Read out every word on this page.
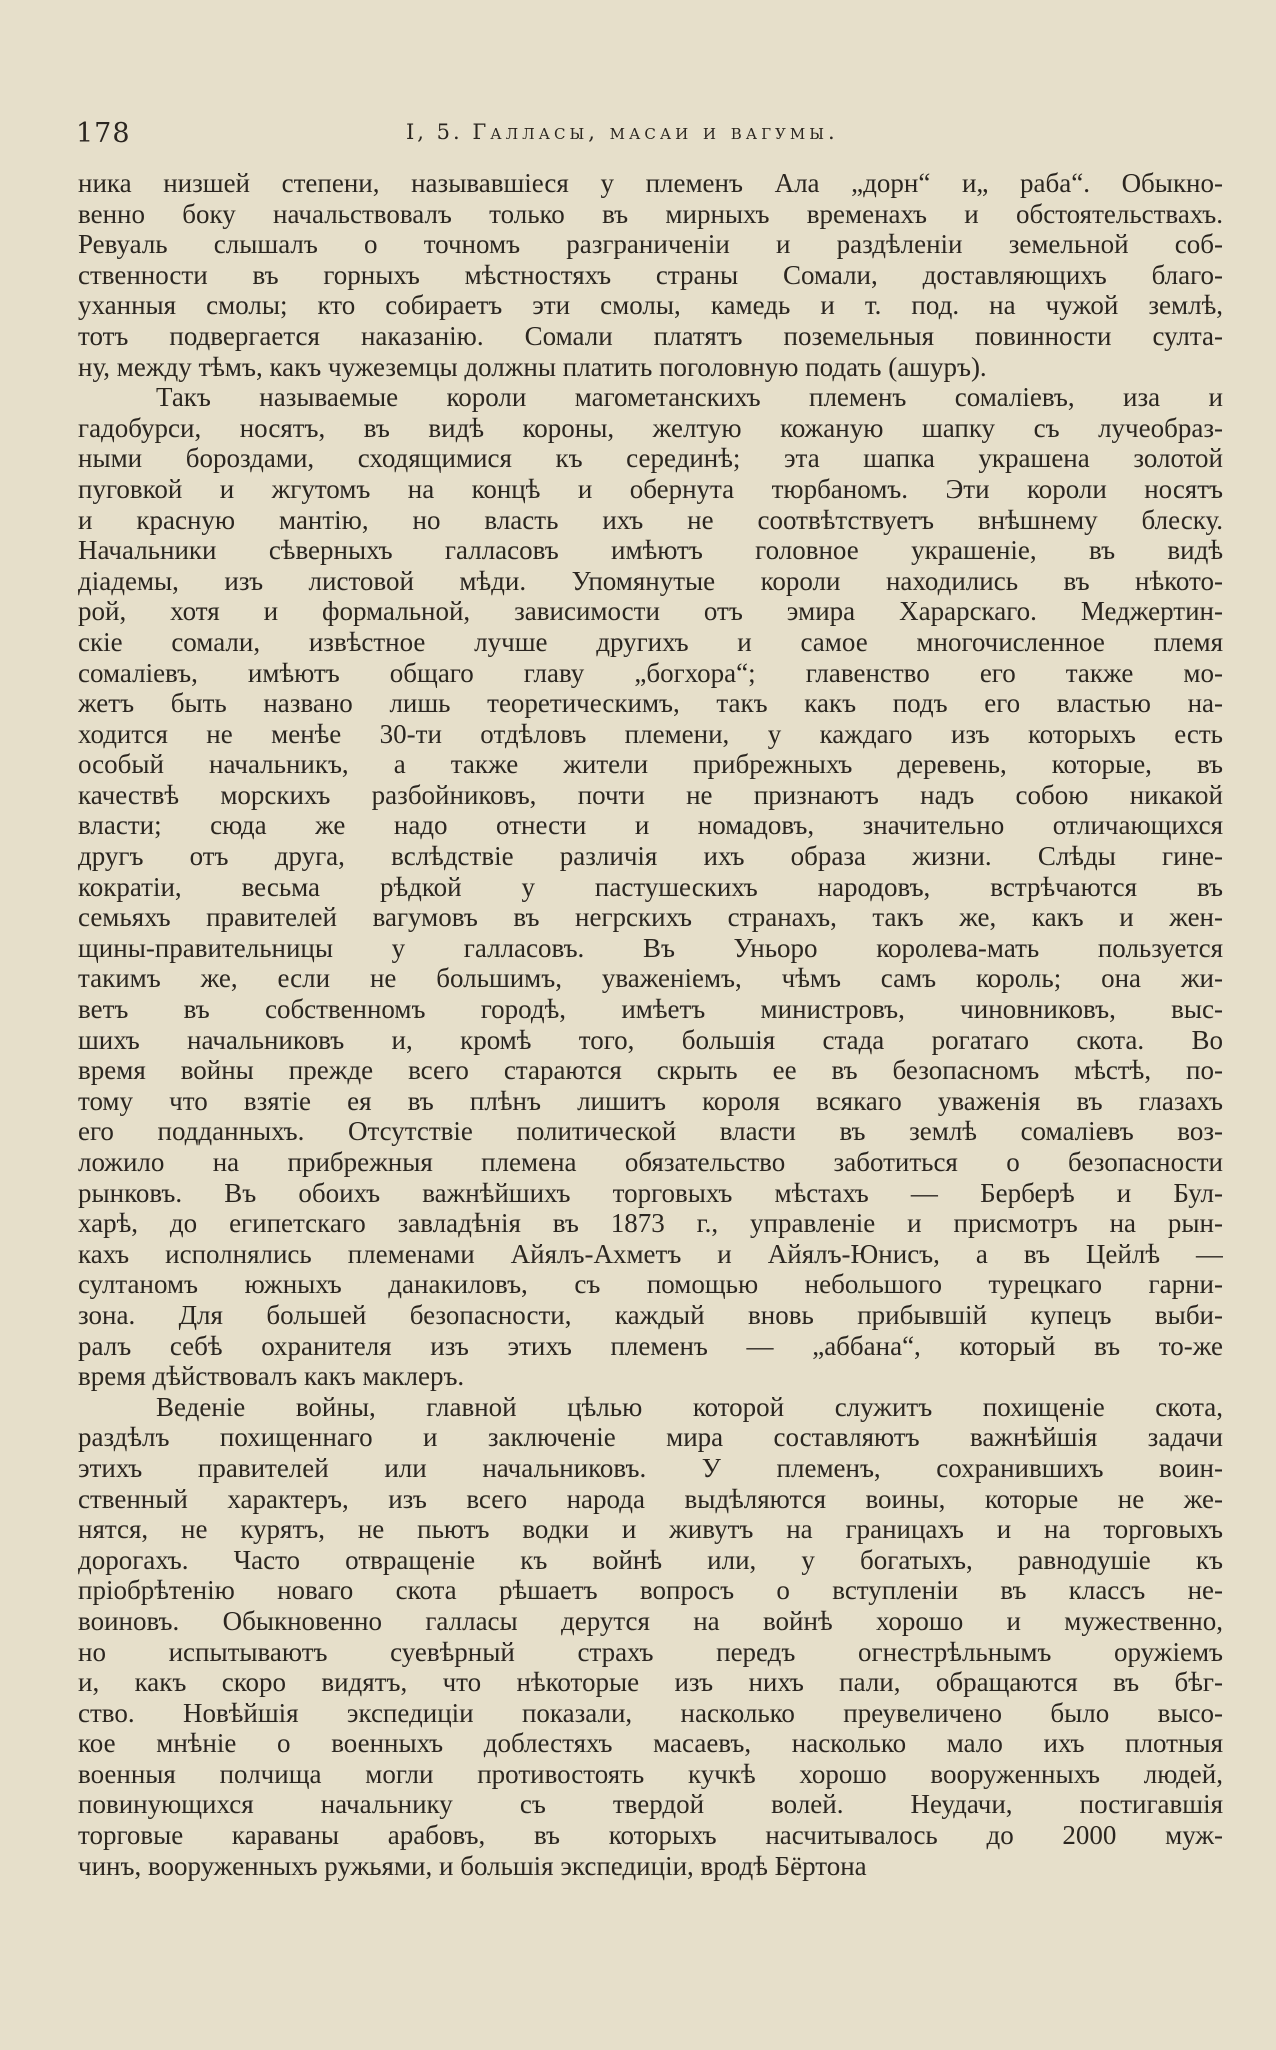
178	I, 5. Галласы, масаи и вагумы.
ника низшей степени, называвшіеся у племенъ Ала „дорн“ и„ раба“. Обыкно-
венно боку начальствовалъ только въ мирныхъ временахъ и обстоятельствахъ.
Ревуаль слышалъ о точномъ разграниченіи и раздѣленіи земельной соб-
ственности въ горныхъ мѣстностяхъ страны Сомали, доставляющихъ благо-
уханныя смолы; кто собираетъ эти смолы, камедь и т. под. на чужой землѣ,
тотъ подвергается наказанію. Сомали платятъ поземельныя повинности султа-
ну, между тѣмъ, какъ чужеземцы должны платить поголовную подать (ашуръ).
Такъ называемые короли магометанскихъ племенъ сомаліевъ, иза и
гадобурси, носятъ, въ видѣ короны, желтую кожаную шапку съ лучеобраз-
ными бороздами, сходящимися къ серединѣ; эта шапка украшена золотой
пуговкой и жгутомъ на концѣ и обернута тюрбаномъ. Эти короли носятъ
и красную мантію, но власть ихъ не соотвѣтствуетъ внѣшнему блеску.
Начальники сѣверныхъ галласовъ имѣютъ головное украшеніе, въ видѣ
діадемы, изъ листовой мѣди. Упомянутые короли находились въ нѣкото-
рой, хотя и формальной, зависимости отъ эмира Харарскаго. Меджертин-
скіе сомали, извѣстное лучше другихъ и самое многочисленное племя
сомаліевъ, имѣютъ общаго главу „богхора“; главенство его также мо-
жетъ быть названо лишь теоретическимъ, такъ какъ подъ его властью на-
ходится не менѣе 30-ти отдѣловъ племени, у каждаго изъ которыхъ есть
особый начальникъ, а также жители прибрежныхъ деревень, которые, въ
качествѣ морскихъ разбойниковъ, почти не признаютъ надъ собою никакой
власти; сюда же надо отнести и номадовъ, значительно отличающихся
другъ отъ друга, вслѣдствіе различія ихъ образа жизни. Слѣды гине-
кократіи, весьма рѣдкой у пастушескихъ народовъ, встрѣчаются въ
семьяхъ правителей вагумовъ въ негрскихъ странахъ, такъ же, какъ и жен-
щины-правительницы у галласовъ. Въ Уньоро королева-мать пользуется
такимъ же, если не большимъ, уваженіемъ, чѣмъ самъ король; она жи-
ветъ въ собственномъ городѣ, имѣетъ министровъ, чиновниковъ, выс-
шихъ начальниковъ и, кромѣ того, большія стада рогатаго скота. Во
время войны прежде всего стараются скрыть ее въ безопасномъ мѣстѣ, по-
тому что взятіе ея въ плѣнъ лишитъ короля всякаго уваженія въ глазахъ
его подданныхъ. Отсутствіе политической власти въ землѣ сомаліевъ воз-
ложило на прибрежныя племена обязательство заботиться о безопасности
рынковъ. Въ обоихъ важнѣйшихъ торговыхъ мѣстахъ — Берберѣ и Бул-
харѣ, до египетскаго завладѣнія въ 1873 г., управленіе и присмотръ на рын-
кахъ исполнялись племенами Айялъ-Ахметъ и Айялъ-Юнисъ, а въ Цейлѣ —
султаномъ южныхъ данакиловъ, съ помощью небольшого турецкаго гарни-
зона. Для большей безопасности, каждый вновь прибывшій купецъ выби-
ралъ себѣ охранителя изъ этихъ племенъ — „аббана“, который въ то-же
время дѣйствовалъ какъ маклеръ.
Веденіе войны, главной цѣлью которой служитъ похищеніе скота,
раздѣлъ похищеннаго и заключеніе мира составляютъ важнѣйшія задачи
этихъ правителей или начальниковъ. У племенъ, сохранившихъ воин-
ственный характеръ, изъ всего народа выдѣляются воины, которые не же-
нятся, не курятъ, не пьютъ водки и живутъ на границахъ и на торговыхъ
дорогахъ. Часто отвращеніе къ войнѣ или, у богатыхъ, равнодушіе къ
пріобрѣтенію новаго скота рѣшаетъ вопросъ о вступленіи въ классъ не-
воиновъ. Обыкновенно галласы дерутся на войнѣ хорошо и мужественно,
но испытываютъ суевѣрный страхъ передъ огнестрѣльнымъ оружіемъ
и, какъ скоро видятъ, что нѣкоторые изъ нихъ пали, обращаются въ бѣг-
ство. Новѣйшія экспедиціи показали, насколько преувеличено было высо-
кое мнѣніе о военныхъ доблестяхъ масаевъ, насколько мало ихъ плотныя
военныя полчища могли противостоять кучкѣ хорошо вооруженныхъ людей,
повинующихся начальнику съ твердой волей. Неудачи, постигавшія
торговые караваны арабовъ, въ которыхъ насчитывалось до 2000 муж-
чинъ, вооруженныхъ ружьями, и большія экспедиціи, вродѣ Бёртона
